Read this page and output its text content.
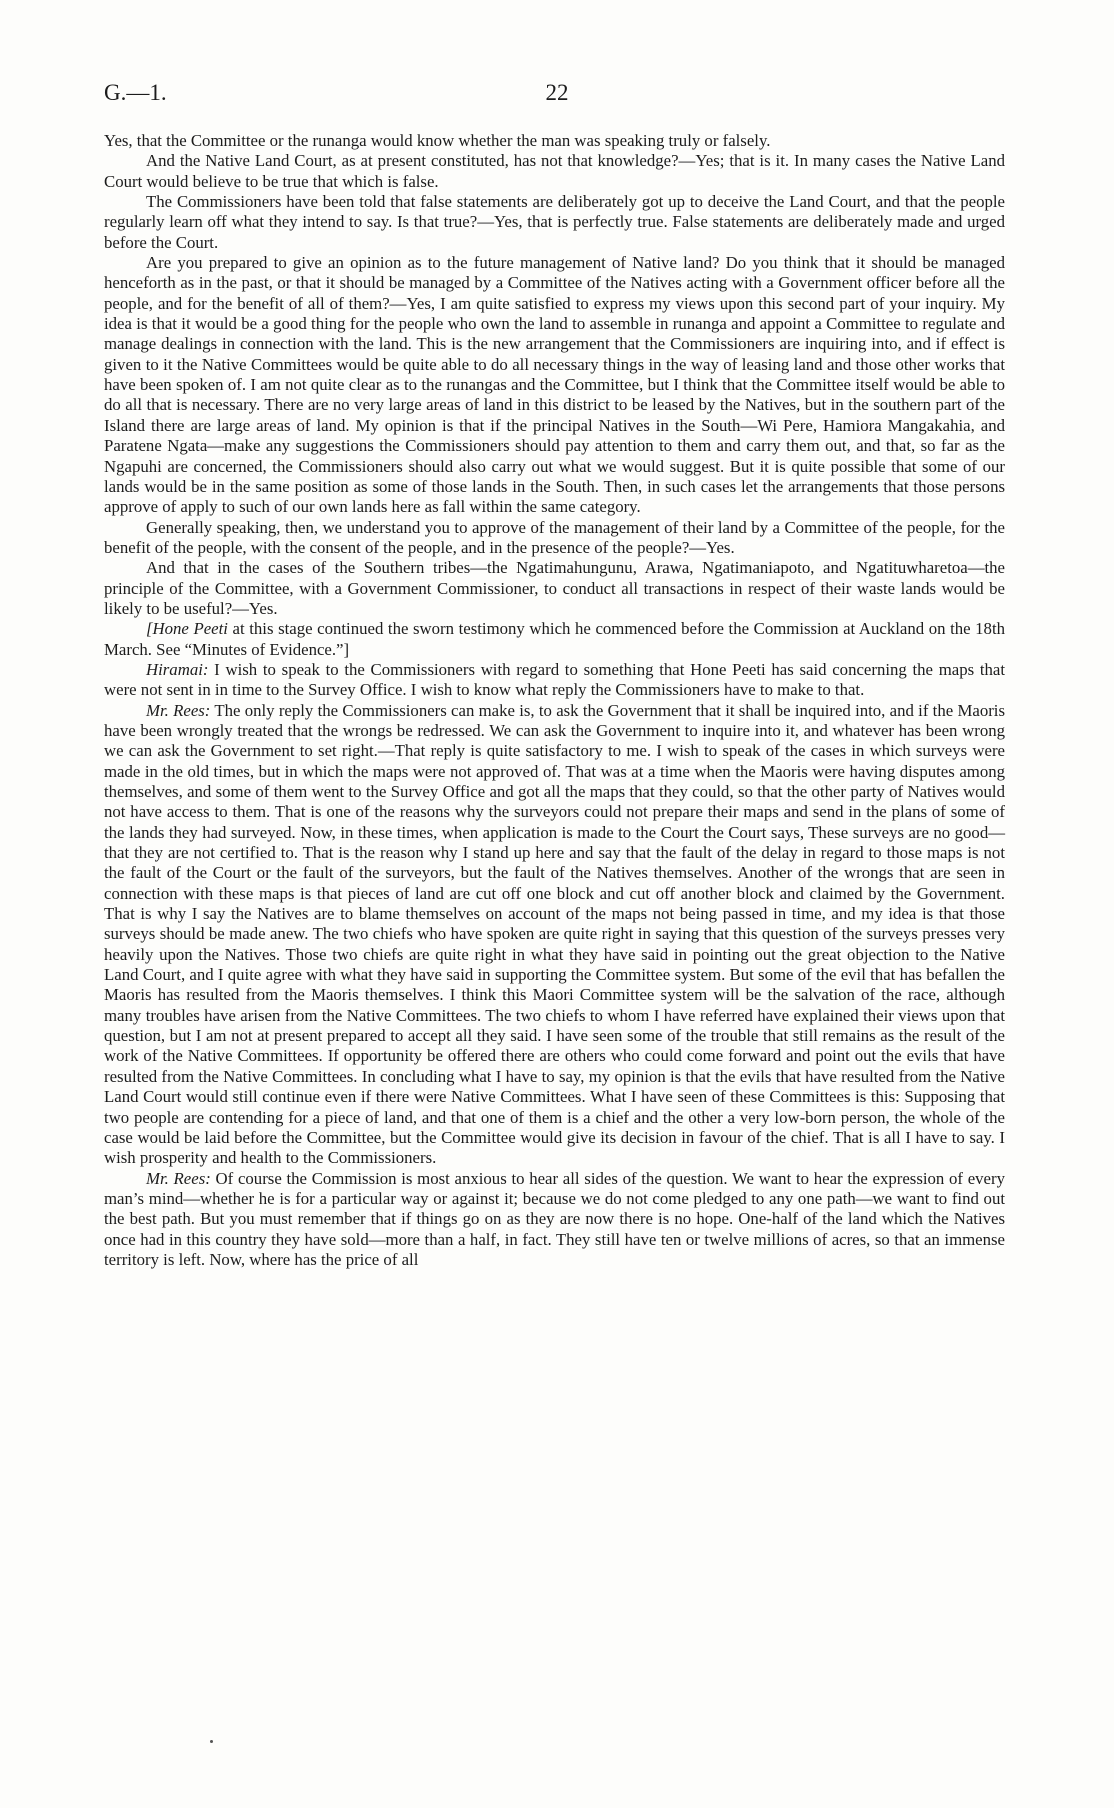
G.—1.	22

Yes, that the Committee or the runanga would know whether the man was speaking truly or falsely.

And the Native Land Court, as at present constituted, has not that knowledge?—Yes; that is it. In many cases the Native Land Court would believe to be true that which is false.

The Commissioners have been told that false statements are deliberately got up to deceive the Land Court, and that the people regularly learn off what they intend to say. Is that true?—Yes, that is perfectly true. False statements are deliberately made and urged before the Court.

Are you prepared to give an opinion as to the future management of Native land? Do you think that it should be managed henceforth as in the past, or that it should be managed by a Committee of the Natives acting with a Government officer before all the people, and for the benefit of all of them?—Yes, I am quite satisfied to express my views upon this second part of your inquiry. My idea is that it would be a good thing for the people who own the land to assemble in runanga and appoint a Committee to regulate and manage dealings in connection with the land. This is the new arrangement that the Commissioners are inquiring into, and if effect is given to it the Native Committees would be quite able to do all necessary things in the way of leasing land and those other works that have been spoken of. I am not quite clear as to the runangas and the Committee, but I think that the Committee itself would be able to do all that is necessary. There are no very large areas of land in this district to be leased by the Natives, but in the southern part of the Island there are large areas of land. My opinion is that if the principal Natives in the South—Wi Pere, Hamiora Mangakahia, and Paratene Ngata—make any suggestions the Commissioners should pay attention to them and carry them out, and that, so far as the Ngapuhi are concerned, the Commissioners should also carry out what we would suggest. But it is quite possible that some of our lands would be in the same position as some of those lands in the South. Then, in such cases let the arrangements that those persons approve of apply to such of our own lands here as fall within the same category.

Generally speaking, then, we understand you to approve of the management of their land by a Committee of the people, for the benefit of the people, with the consent of the people, and in the presence of the people?—Yes.

And that in the cases of the Southern tribes—the Ngatimahungunu, Arawa, Ngatimaniapoto, and Ngatituwharetoa—the principle of the Committee, with a Government Commissioner, to conduct all transactions in respect of their waste lands would be likely to be useful?—Yes.

[Hone Peeti at this stage continued the sworn testimony which he commenced before the Commission at Auckland on the 18th March. See “Minutes of Evidence.”]

Hiramai: I wish to speak to the Commissioners with regard to something that Hone Peeti has said concerning the maps that were not sent in in time to the Survey Office. I wish to know what reply the Commissioners have to make to that.

Mr. Rees: The only reply the Commissioners can make is, to ask the Government that it shall be inquired into, and if the Maoris have been wrongly treated that the wrongs be redressed. We can ask the Government to inquire into it, and whatever has been wrong we can ask the Government to set right.—That reply is quite satisfactory to me. I wish to speak of the cases in which surveys were made in the old times, but in which the maps were not approved of. That was at a time when the Maoris were having disputes among themselves, and some of them went to the Survey Office and got all the maps that they could, so that the other party of Natives would not have access to them. That is one of the reasons why the surveyors could not prepare their maps and send in the plans of some of the lands they had surveyed. Now, in these times, when application is made to the Court the Court says, These surveys are no good—that they are not certified to. That is the reason why I stand up here and say that the fault of the delay in regard to those maps is not the fault of the Court or the fault of the surveyors, but the fault of the Natives themselves. Another of the wrongs that are seen in connection with these maps is that pieces of land are cut off one block and cut off another block and claimed by the Government. That is why I say the Natives are to blame themselves on account of the maps not being passed in time, and my idea is that those surveys should be made anew. The two chiefs who have spoken are quite right in saying that this question of the surveys presses very heavily upon the Natives. Those two chiefs are quite right in what they have said in pointing out the great objection to the Native Land Court, and I quite agree with what they have said in supporting the Committee system. But some of the evil that has befallen the Maoris has resulted from the Maoris themselves. I think this Maori Committee system will be the salvation of the race, although many troubles have arisen from the Native Committees. The two chiefs to whom I have referred have explained their views upon that question, but I am not at present prepared to accept all they said. I have seen some of the trouble that still remains as the result of the work of the Native Committees. If opportunity be offered there are others who could come forward and point out the evils that have resulted from the Native Committees. In concluding what I have to say, my opinion is that the evils that have resulted from the Native Land Court would still continue even if there were Native Committees. What I have seen of these Committees is this: Supposing that two people are contending for a piece of land, and that one of them is a chief and the other a very low-born person, the whole of the case would be laid before the Committee, but the Committee would give its decision in favour of the chief. That is all I have to say. I wish prosperity and health to the Commissioners.

Mr. Rees: Of course the Commission is most anxious to hear all sides of the question. We want to hear the expression of every man’s mind—whether he is for a particular way or against it; because we do not come pledged to any one path—we want to find out the best path. But you must remember that if things go on as they are now there is no hope. One-half of the land which the Natives once had in this country they have sold—more than a half, in fact. They still have ten or twelve millions of acres, so that an immense territory is left. Now, where has the price of all
